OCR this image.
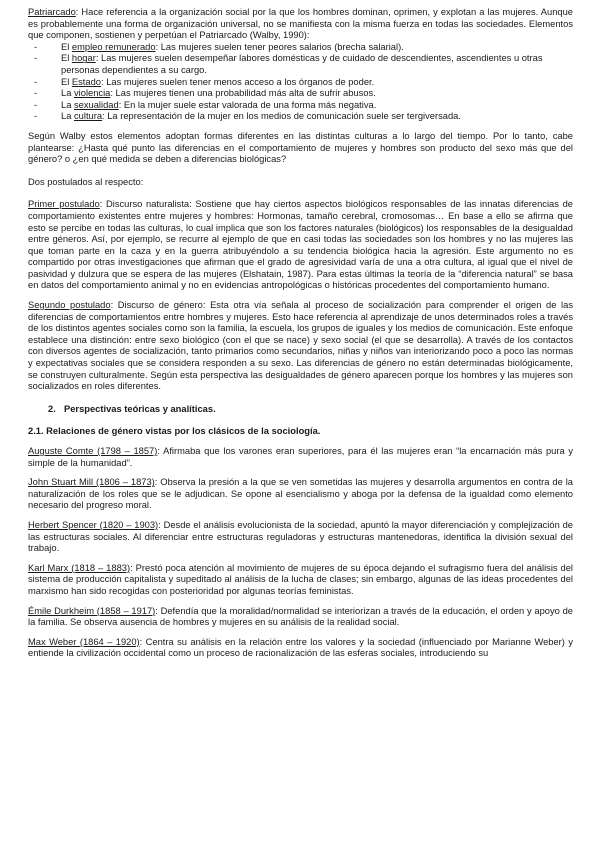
Patriarcado: Hace referencia a la organización social por la que los hombres dominan, oprimen, y explotan a las mujeres. Aunque es probablemente una forma de organización universal, no se manifiesta con la misma fuerza en todas las sociedades. Elementos que componen, sostienen y perpetúan el Patriarcado (Walby, 1990):

-	El empleo remunerado: Las mujeres suelen tener peores salarios (brecha salarial).
-	El hogar: Las mujeres suelen desempeñar labores domésticas y de cuidado de descendientes, ascendientes u otras personas dependientes a su cargo.
-	El Estado: Las mujeres suelen tener menos acceso a los órganos de poder.
-	La violencia: Las mujeres tienen una probabilidad más alta de sufrir abusos.
-	La sexualidad: En la mujer suele estar valorada de una forma más negativa.
-	La cultura: La representación de la mujer en los medios de comunicación suele ser tergiversada.

Según Walby estos elementos adoptan formas diferentes en las distintas culturas a lo largo del tiempo. Por lo tanto, cabe plantearse: ¿Hasta qué punto las diferencias en el comportamiento de mujeres y hombres son producto del sexo más que del género? o ¿en qué medida se deben a diferencias biológicas?

Dos postulados al respecto:

Primer postulado: Discurso naturalista: Sostiene que hay ciertos aspectos biológicos responsables de las innatas diferencias de comportamiento existentes entre mujeres y hombres: Hormonas, tamaño cerebral, cromosomas… En base a ello se afirma que esto se percibe en todas las culturas, lo cual implica que son los factores naturales (biológicos) los responsables de la desigualdad entre géneros. Así, por ejemplo, se recurre al ejemplo de que en casi todas las sociedades son los hombres y no las mujeres las que toman parte en la caza y en la guerra atribuyéndolo a su tendencia biológica hacia la agresión. Este argumento no es compartido por otras investigaciones que afirman que el grado de agresividad varía de una a otra cultura, al igual que el nivel de pasividad y dulzura que se espera de las mujeres (Elshatain, 1987). Para estas últimas la teoría de la “diferencia natural” se basa en datos del comportamiento animal y no en evidencias antropológicas o históricas procedentes del comportamiento humano.

Segundo postulado: Discurso de género: Esta otra vía señala al proceso de socialización para comprender el origen de las diferencias de comportamientos entre hombres y mujeres. Esto hace referencia al aprendizaje de unos determinados roles a través de los distintos agentes sociales como son la familia, la escuela, los grupos de iguales y los medios de comunicación. Este enfoque establece una distinción: entre sexo biológico (con el que se nace) y sexo social (el que se desarrolla). A través de los contactos con diversos agentes de socialización, tanto primarios como secundarios, niñas y niños van interiorizando poco a poco las normas y expectativas sociales que se considera responden a su sexo. Las diferencias de género no están determinadas biológicamente, se construyen culturalmente. Según esta perspectiva las desigualdades de género aparecen porque los hombres y las mujeres son socializados en roles diferentes.

2. Perspectivas teóricas y analíticas.

2.1. Relaciones de género vistas por los clásicos de la sociología.

Auguste Comte (1798 – 1857): Afirmaba que los varones eran superiores, para él las mujeres eran “la encarnación más pura y simple de la humanidad”.

John Stuart Mill (1806 – 1873): Observa la presión a la que se ven sometidas las mujeres y desarrolla argumentos en contra de la naturalización de los roles que se le adjudican. Se opone al esencialismo y aboga por la defensa de la igualdad como elemento necesario del progreso moral.

Herbert Spencer (1820 – 1903): Desde el análisis evolucionista de la sociedad, apuntó la mayor diferenciación y complejización de las estructuras sociales. Al diferenciar entre estructuras reguladoras y estructuras mantenedoras, identifica la división sexual del trabajo.

Karl Marx (1818 – 1883): Prestó poca atención al movimiento de mujeres de su época dejando el sufragismo fuera del análisis del sistema de producción capitalista y supeditado al análisis de la lucha de clases; sin embargo, algunas de las ideas procedentes del marxismo han sido recogidas con posterioridad por algunas teorías feministas.

Émile Durkheim (1858 – 1917): Defendía que la moralidad/normalidad se interiorizan a través de la educación, el orden y apoyo de la familia. Se observa ausencia de hombres y mujeres en su análisis de la realidad social.

Max Weber (1864 – 1920): Centra su análisis en la relación entre los valores y la sociedad (influenciado por Marianne Weber) y entiende la civilización occidental como un proceso de racionalización de las esferas sociales, introduciendo su
